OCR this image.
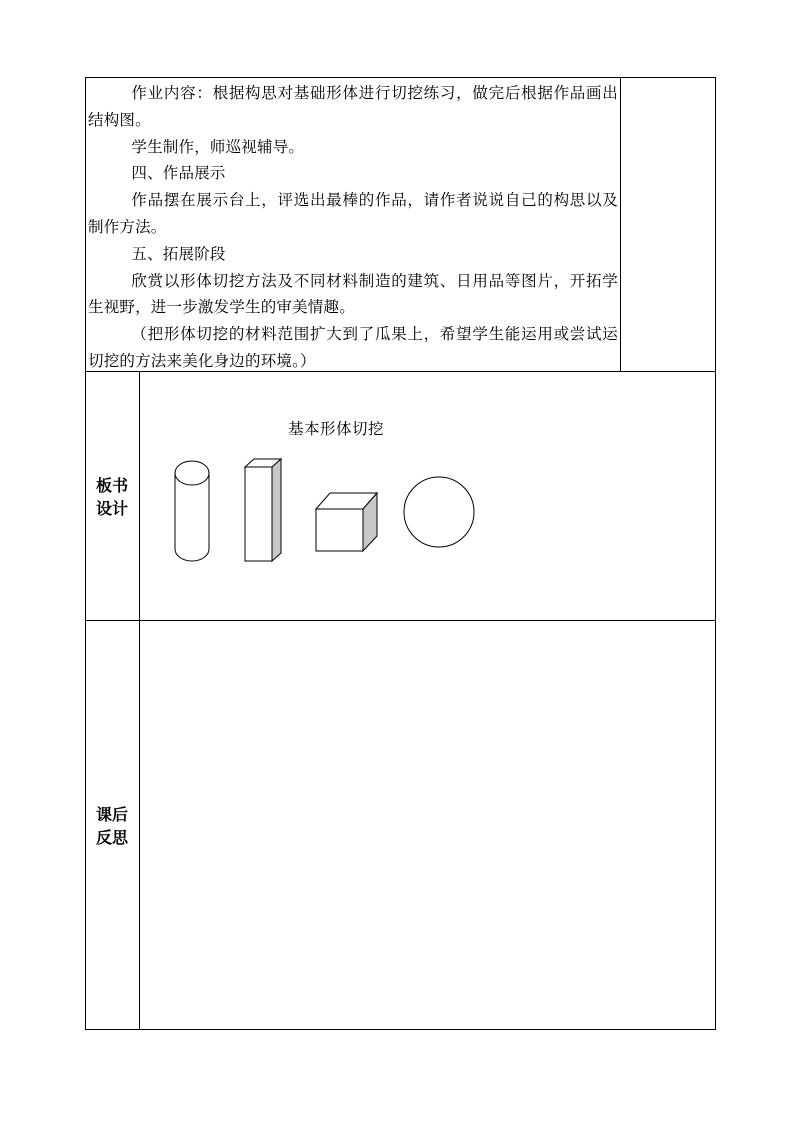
作业内容：根据构思对基础形体进行切挖练习，做完后根据作品画出结构图。

学生制作，师巡视辅导。

四、作品展示

作品摆在展示台上，评选出最棒的作品，请作者说说自己的构思以及制作方法。

五、拓展阶段

欣赏以形体切挖方法及不同材料制造的建筑、日用品等图片，开拓学生视野，进一步激发学生的审美情趣。

（把形体切挖的材料范围扩大到了瓜果上，希望学生能运用或尝试运切挖的方法来美化身边的环境。）

板书
设计
基本形体切挖
课后
反思
